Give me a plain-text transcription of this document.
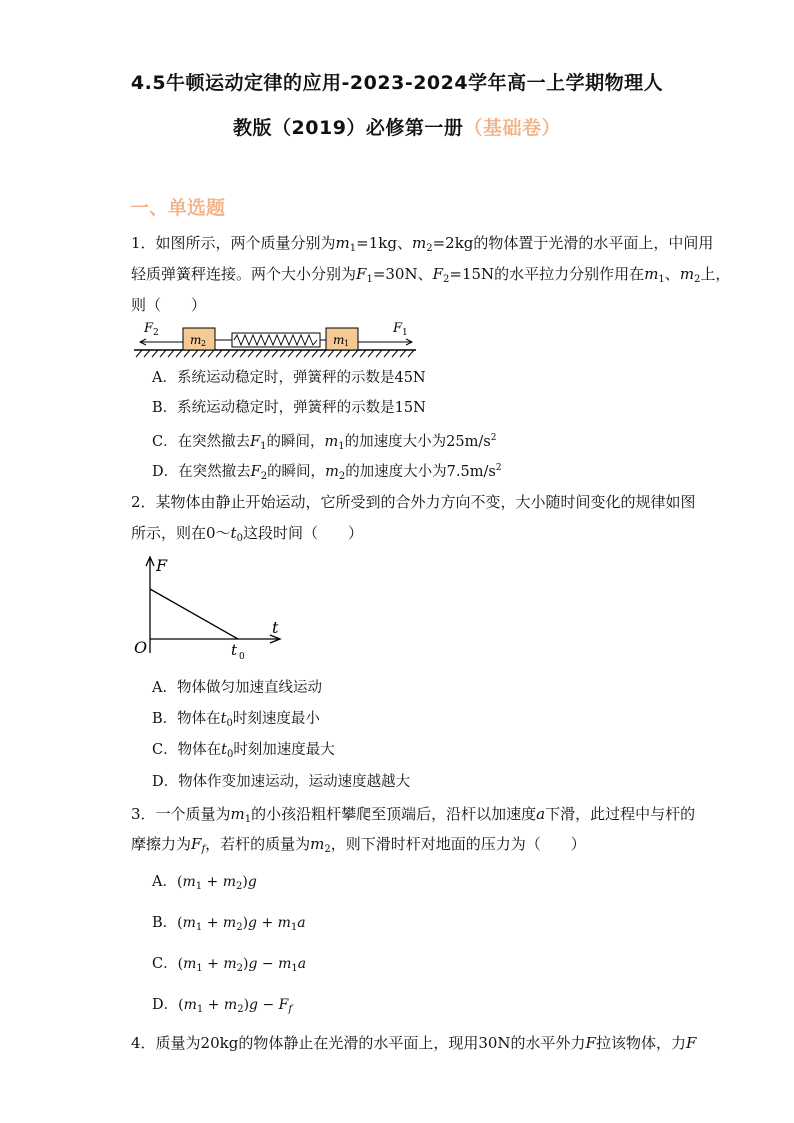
4.5牛顿运动定律的应用-2023-2024学年高一上学期物理人
教版（2019）必修第一册（基础卷）
一、单选题
1．如图所示，两个质量分别为$m_1=1kg$、$m_2=2kg$的物体置于光滑的水平面上，中间用
轻质弹簧秤连接。两个大小分别为$F_1=30N$、$F_2=15N$的水平拉力分别作用在$m_1$、$m_2$上，
则（　　）
F 2	m 2	m 1
F 1
A．系统运动稳定时，弹簧秤的示数是45N
B．系统运动稳定时，弹簧秤的示数是15N
C．在突然撤去$F_1$的瞬间，$m_1$的加速度大小为$25m/s^2$
D．在突然撤去$F_2$的瞬间，$m_2$的加速度大小为$7.5m/s^2$
2．某物体由静止开始运动，它所受到的合外力方向不变，大小随时间变化的规律如图
所示，则在$0\sim t_0$这段时间（　　）
F
t
O	t 0
A．物体做匀加速直线运动
B．物体在$t_0$时刻速度最小
C．物体在$t_0$时刻加速度最大
D．物体作变加速运动，运动速度越越大
3．一个质量为$m_1$的小孩沿粗杆攀爬至顶端后，沿杆以加速度a下滑，此过程中与杆的
摩擦力为$F_f$，若杆的质量为$m_2$，则下滑时杆对地面的压力为（　　）
A．$(m_1 + m_2)g$
B．$(m_1 + m_2)g + m_1a$
C．$(m_1 + m_2)g - m_1a$
D．$(m_1 + m_2)g - F_f$
4．质量为20kg的物体静止在光滑的水平面上，现用30N的水平外力F拉该物体，力F
